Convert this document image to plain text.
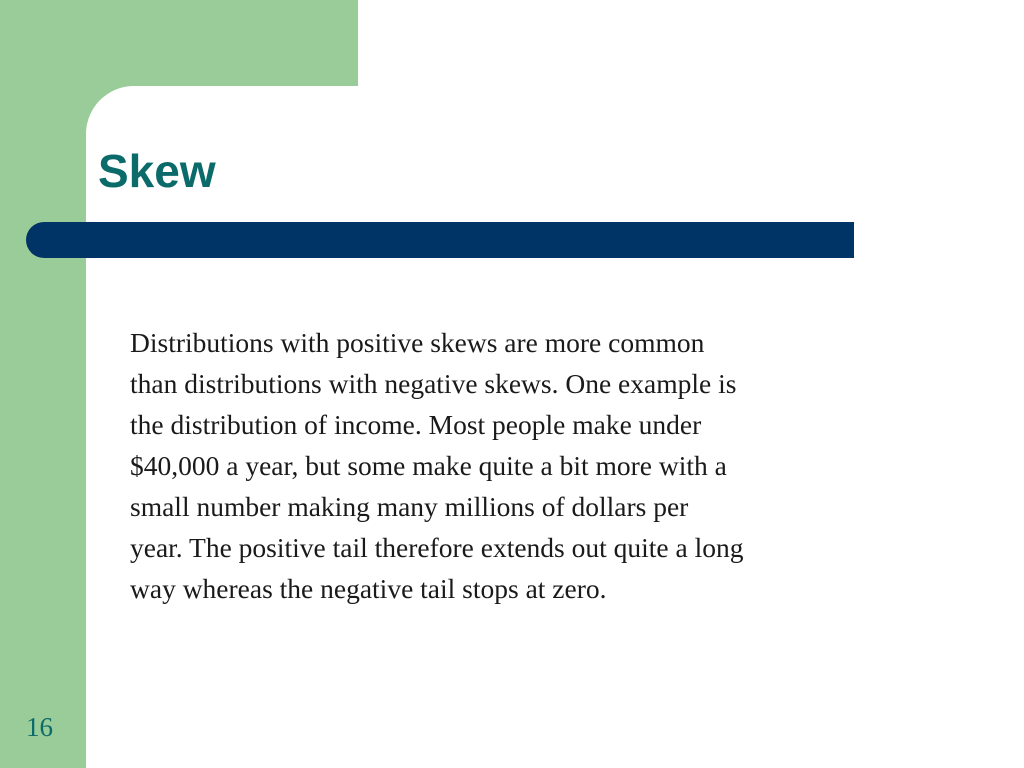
Skew

Distributions with positive skews are more common
than distributions with negative skews. One example is
the distribution of income. Most people make under
$40,000 a year, but some make quite a bit more with a
small number making many millions of dollars per
year. The positive tail therefore extends out quite a long
way whereas the negative tail stops at zero.

16
